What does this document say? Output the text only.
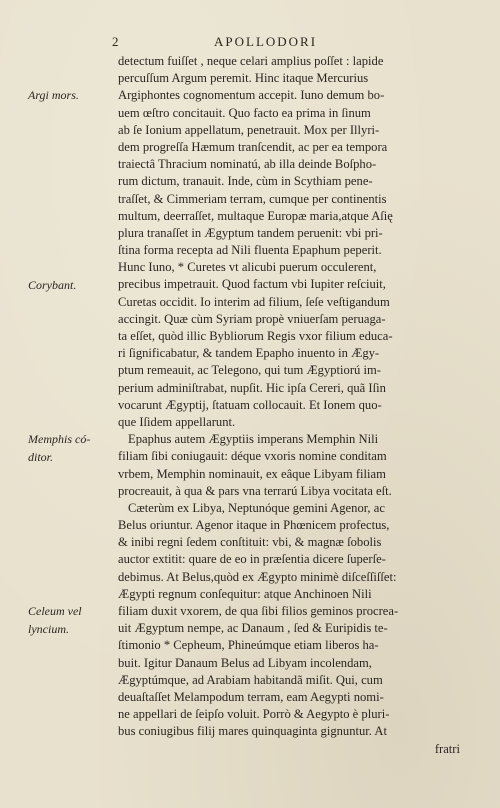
2	APOLLODORI
detectum fuiſſet , neque celari amplius poſſet : lapide
percuſſum Argum peremit. Hinc itaque Mercurius
Argiphontes cognomentum accepit. Iuno demum bo-
uem œſtro concitauit. Quo facto ea prima in ſinum
ab ſe Ionium appellatum, penetrauit. Mox per Illyri-
dem progreſſa Hæmum tranſcendit, ac per ea tempora
traiectâ Thracium nominatú, ab illa deinde Boſpho-
rum dictum, tranauit. Inde, cùm in Scythiam pene-
traſſet, & Cimmeriam terram, cumque per continentis
multum, deerraſſet, multaque Europæ maria,atque Aſię
plura tranaſſet in Ægyptum tandem peruenit: vbi pri-
ſtina forma recepta ad Nili fluenta Epaphum peperit.
Hunc Iuno, * Curetes vt alicubi puerum occulerent,
precibus impetrauit. Quod factum vbi Iupiter reſciuit,
Curetas occidit. Io interim ad filium, ſeſe veſtigandum
accingit. Quæ cùm Syriam propè vniuerſam peruaga-
ta eſſet, quòd illic Bybliorum Regis vxor filium educa-
ri ſignificabatur, & tandem Epapho inuento in Ægy-
ptum remeauit, ac Telegono, qui tum Ægyptiorú im-
perium adminiſtrabat, nupſit. Hic ipſa Cereri, quã Iſin
vocarunt Ægyptij, ſtatuam collocauit. Et Ionem quo-
que Iſidem appellarunt.
Epaphus autem Ægyptiis imperans Memphin Nili
filiam ſibi coniugauit: déque vxoris nomine conditam
vrbem, Memphin nominauit, ex eâque Libyam filiam
procreauit, à qua & pars vna terrarú Libya vocitata eſt.
Cæterùm ex Libya, Neptunóque gemini Agenor, ac
Belus oriuntur. Agenor itaque in Phœnicem profectus,
& inibi regni ſedem conſtituit: vbi, & magnæ ſobolis
auctor extitit: quare de eo in præſentia dicere ſuperſe-
debimus. At Belus,quòd ex Ægypto minimè diſceſſiſſet:
Ægypti regnum conſequitur: atque Anchinoen Nili
filiam duxit vxorem, de qua ſibi filios geminos procrea-
uit Ægyptum nempe, ac Danaum , ſed & Euripidis te-
ſtimonio * Cepheum, Phineúmque etiam liberos ha-
buit. Igitur Danaum Belus ad Libyam incolendam,
Ægyptúmque, ad Arabiam habitandã miſit. Qui, cum
deuaſtaſſet Melampodum terram, eam Aegypti nomi-
ne appellari de ſeipſo voluit. Porrò & Aegypto è pluri-
bus coniugibus filij mares quinquaginta gignuntur. At
fratri
Argi mors.
Corybant.
Memphis có-
ditor.
Celeum vel
lyncium.
